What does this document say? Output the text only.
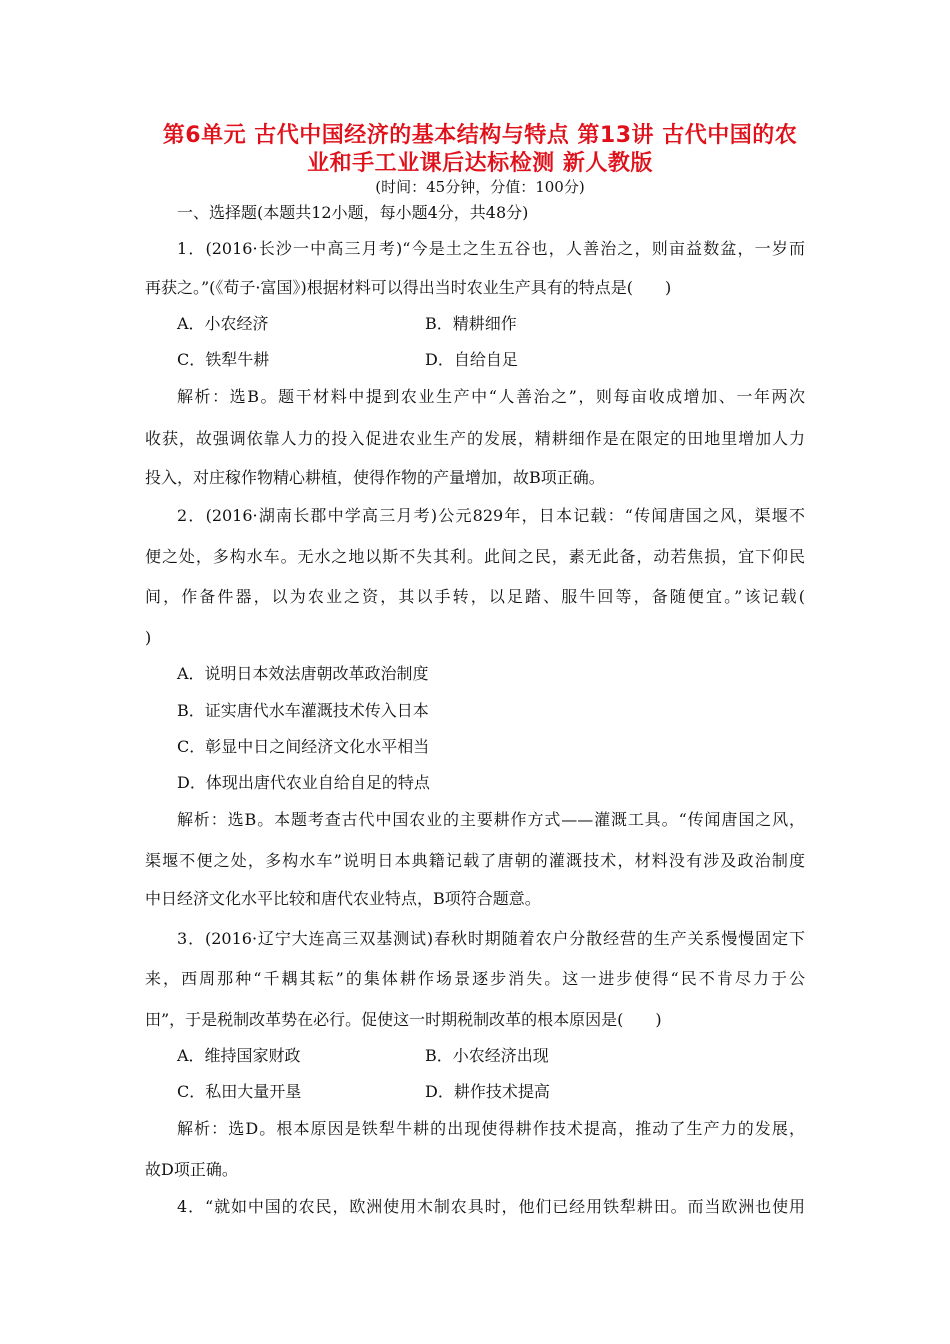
第6单元 古代中国经济的基本结构与特点 第13讲 古代中国的农
业和手工业课后达标检测 新人教版
(时间：45分钟，分值：100分)
一、选择题(本题共12小题，每小题4分，共48分)
1．(2016·长沙一中高三月考)“今是土之生五谷也，人善治之，则亩益数盆，一岁而
再获之。”(《荀子·富国》)根据材料可以得出当时农业生产具有的特点是(　　)
A．小农经济	B．精耕细作
C．铁犁牛耕	D．自给自足
解析：选B。题干材料中提到农业生产中“人善治之”，则每亩收成增加、一年两次
收获，故强调依靠人力的投入促进农业生产的发展，精耕细作是在限定的田地里增加人力
投入，对庄稼作物精心耕植，使得作物的产量增加，故B项正确。
2．(2016·湖南长郡中学高三月考)公元829年，日本记载：“传闻唐国之风，渠堰不
便之处，多构水车。无水之地以斯不失其利。此间之民，素无此备，动若焦损，宜下仰民
间，作备件器，以为农业之资，其以手转，以足踏、服牛回等，备随便宜。”该记载(
)
A．说明日本效法唐朝改革政治制度
B．证实唐代水车灌溉技术传入日本
C．彰显中日之间经济文化水平相当
D．体现出唐代农业自给自足的特点
解析：选B。本题考查古代中国农业的主要耕作方式——灌溉工具。“传闻唐国之风，
渠堰不便之处，多构水车”说明日本典籍记载了唐朝的灌溉技术，材料没有涉及政治制度
中日经济文化水平比较和唐代农业特点，B项符合题意。
3．(2016·辽宁大连高三双基测试)春秋时期随着农户分散经营的生产关系慢慢固定下
来，西周那种“千耦其耘”的集体耕作场景逐步消失。这一进步使得“民不肯尽力于公
田”，于是税制改革势在必行。促使这一时期税制改革的根本原因是(　　)
A．维持国家财政	B．小农经济出现
C．私田大量开垦	D．耕作技术提高
解析：选D。根本原因是铁犁牛耕的出现使得耕作技术提高，推动了生产力的发展，
故D项正确。
4．“就如中国的农民，欧洲使用木制农具时，他们已经用铁犁耕田。而当欧洲也使用
